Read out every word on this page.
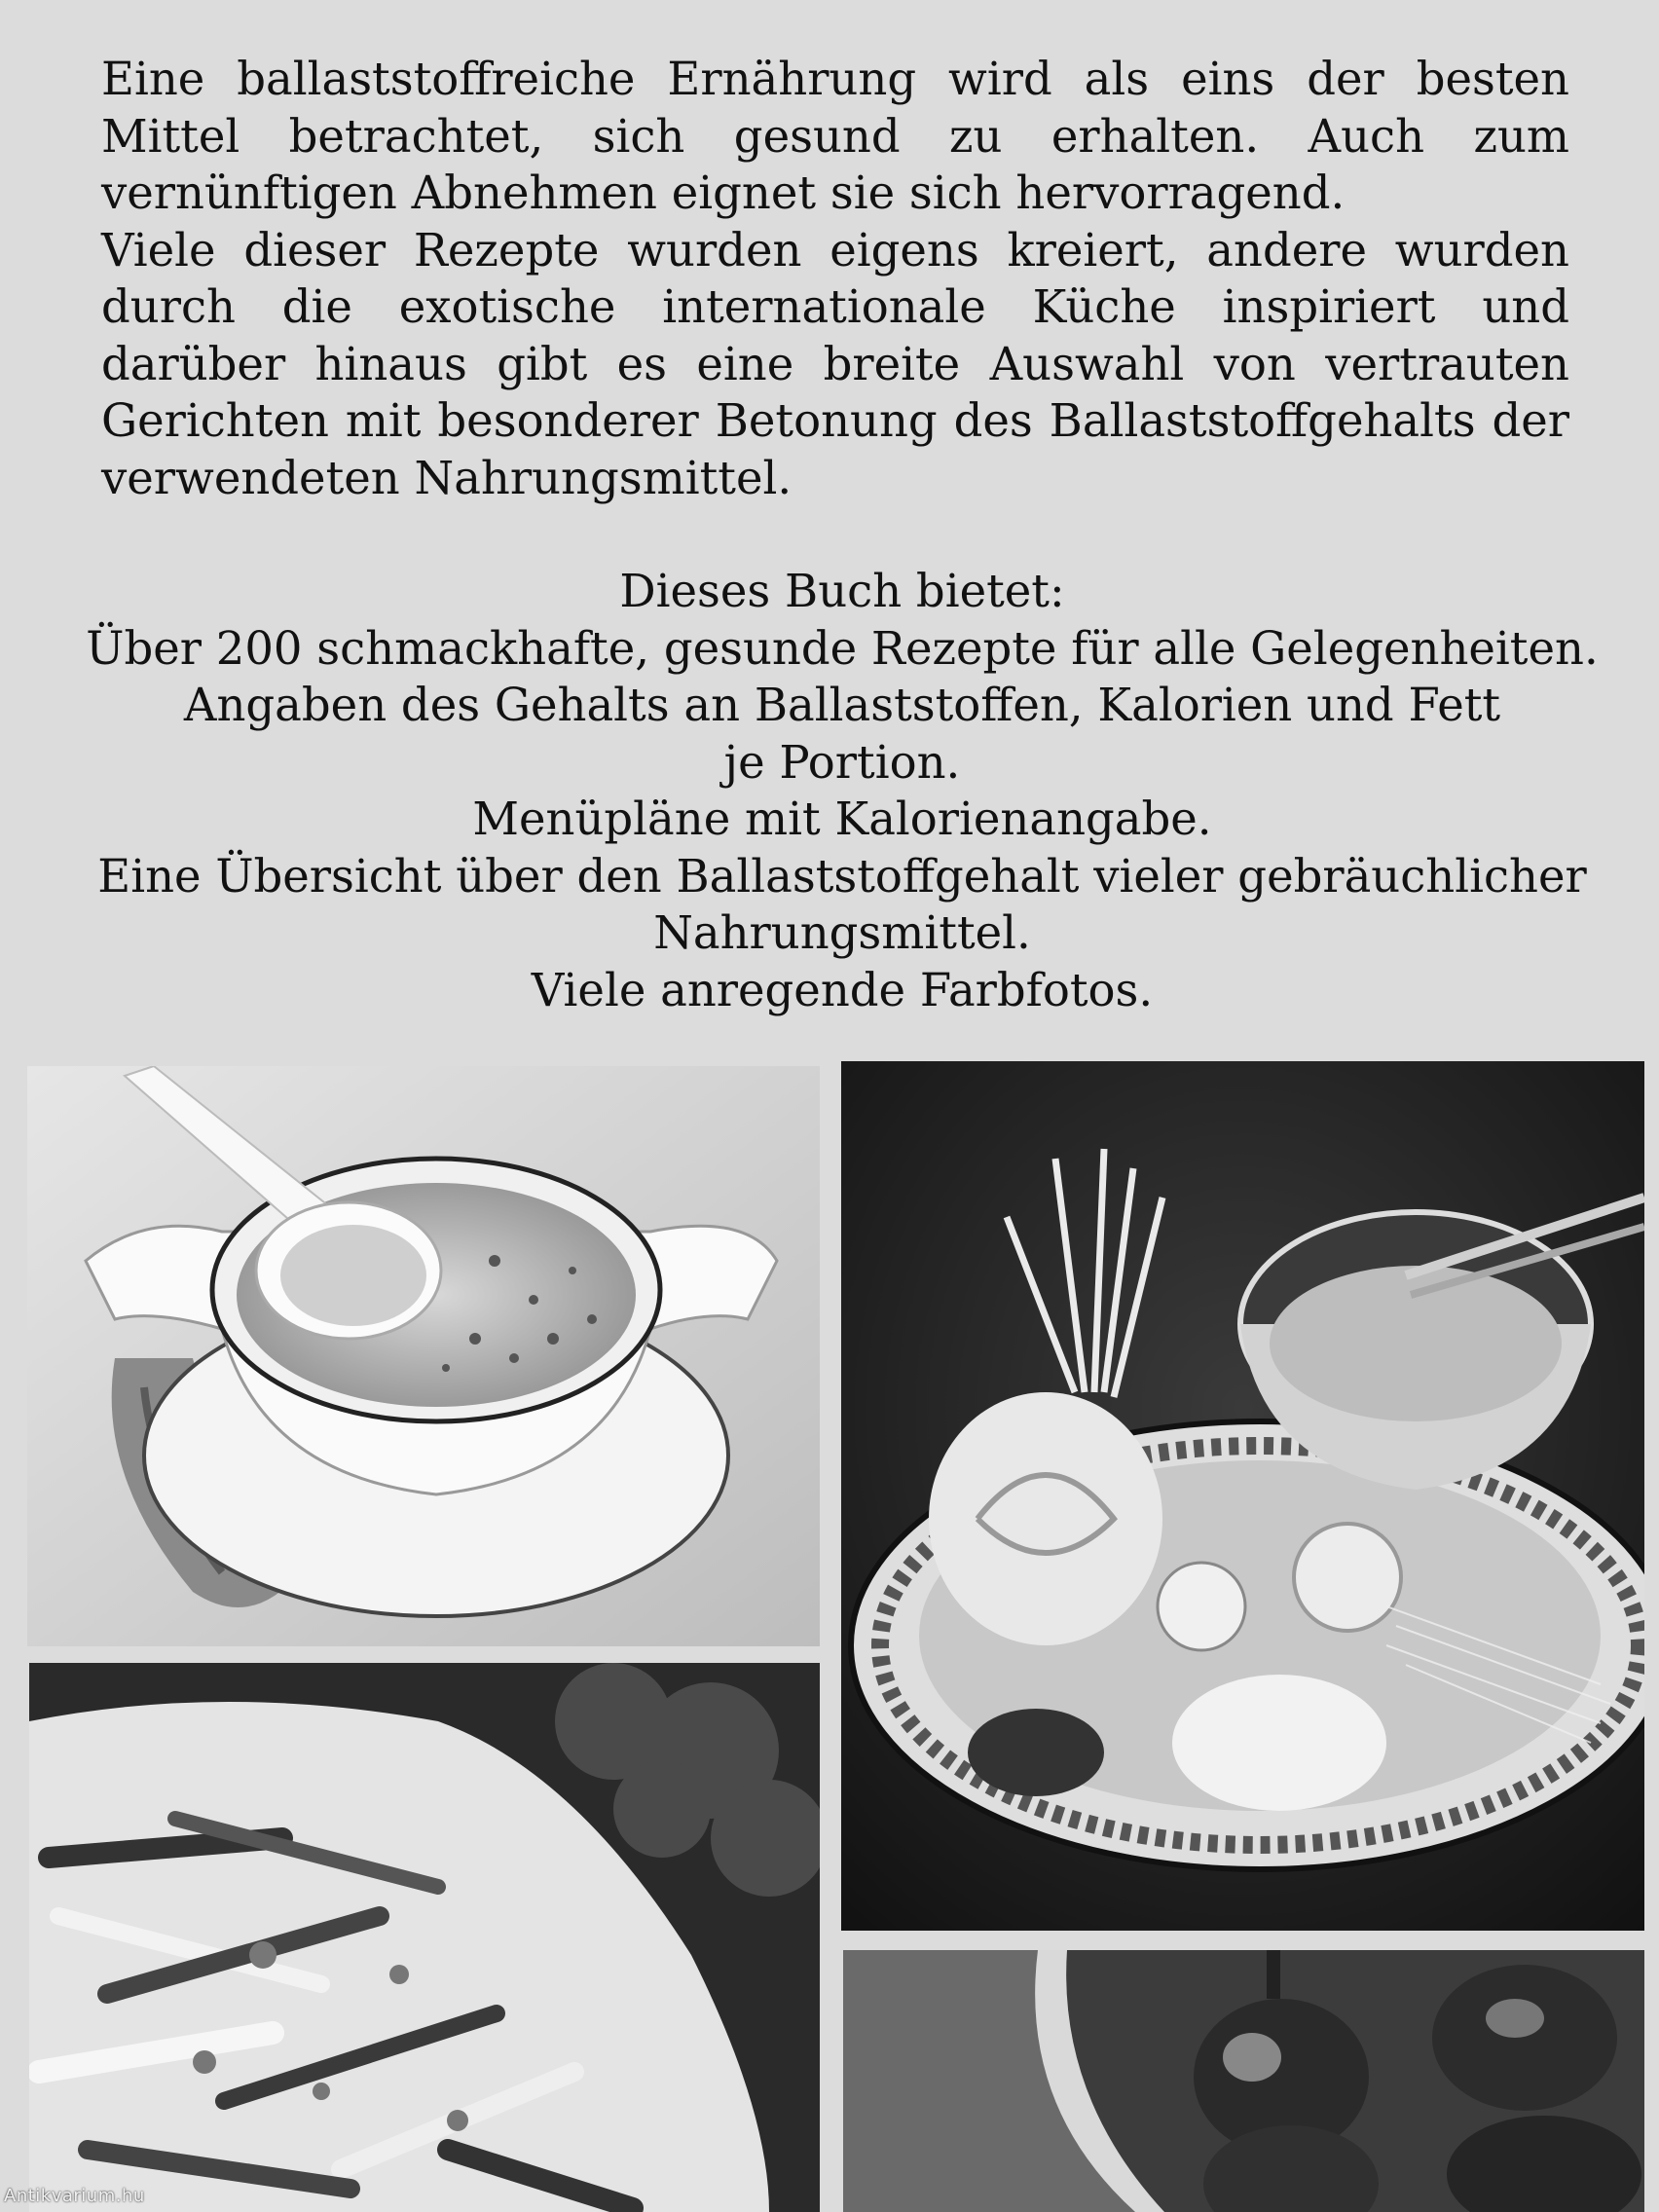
Eine ballaststoffreiche Ernährung wird als eins der besten Mittel betrachtet, sich gesund zu erhalten. Auch zum vernünftigen Abnehmen eignet sie sich hervorragend.

Viele dieser Rezepte wurden eigens kreiert, andere wurden durch die exotische internationale Küche inspiriert und darüber hinaus gibt es eine breite Auswahl von vertrauten Gerichten mit besonderer Betonung des Ballaststoffgehalts der verwendeten Nahrungsmittel.

Dieses Buch bietet:
Über 200 schmackhafte, gesunde Rezepte für alle Gelegenheiten.
Angaben des Gehalts an Ballaststoffen, Kalorien und Fett
je Portion.
Menüpläne mit Kalorienangabe.
Eine Übersicht über den Ballaststoffgehalt vieler gebräuchlicher
Nahrungsmittel.
Viele anregende Farbfotos.
Antikvarium.hu
